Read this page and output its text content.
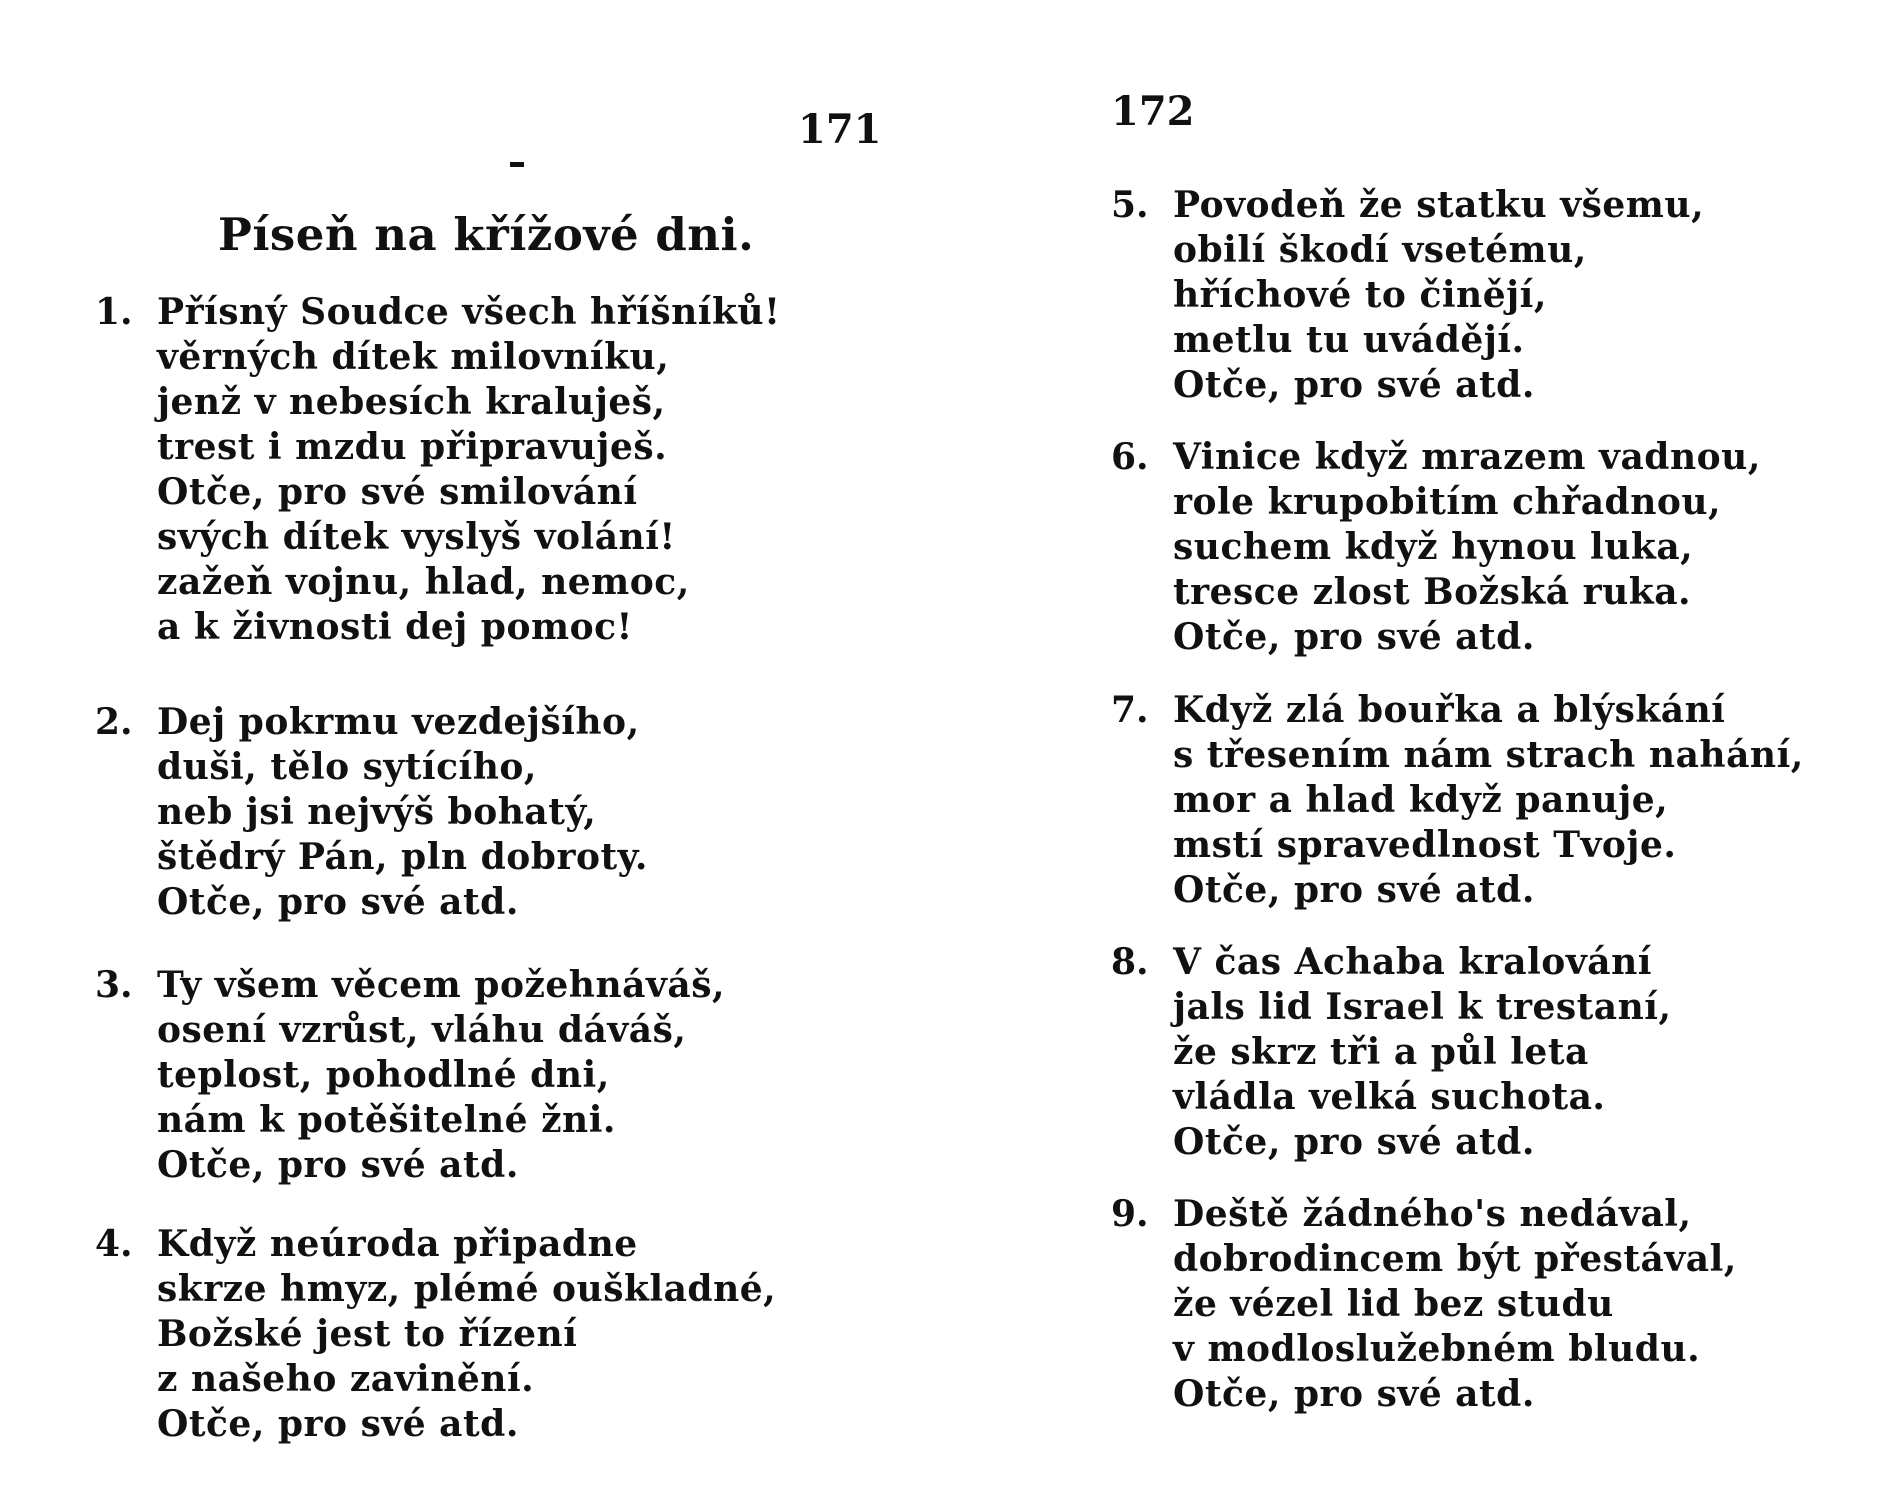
171
Píseň na křížové dni.
1. Přísný Soudce všech hříšníků!
věrných dítek milovníku,
jenž v nebesích kraluješ,
trest i mzdu připravuješ.
Otče, pro své smilování
svých dítek vyslyš volání!
zažeň vojnu, hlad, nemoc,
a k živnosti dej pomoc!
2. Dej pokrmu vezdejšího,
duši, tělo sytícího,
neb jsi nejvýš bohatý,
štědrý Pán, pln dobroty.
Otče, pro své atd.
3. Ty všem věcem požehnáváš,
osení vzrůst, vláhu dáváš,
teplost, pohodlné dni,
nám k potěšitelné žni.
Otče, pro své atd.
4. Když neúroda připadne
skrze hmyz, plémé ouškladné,
Božské jest to řízení
z našeho zavinění.
Otče, pro své atd.
172
5. Povodeň že statku všemu,
obilí škodí vsetému,
hříchové to činějí,
metlu tu uvádějí.
Otče, pro své atd.
6. Vinice když mrazem vadnou,
role krupobitím chřadnou,
suchem když hynou luka,
tresce zlost Božská ruka.
Otče, pro své atd.
7. Když zlá bouřka a blýskání
s třesením nám strach nahání,
mor a hlad když panuje,
mstí spravedlnost Tvoje.
Otče, pro své atd.
8. V čas Achaba kralování
jals lid Israel k trestaní,
že skrz tři a půl leta
vládla velká suchota.
Otče, pro své atd.
9. Deště žádného's nedával,
dobrodincem být přestával,
že vézel lid bez studu
v modloslužebném bludu.
Otče, pro své atd.
